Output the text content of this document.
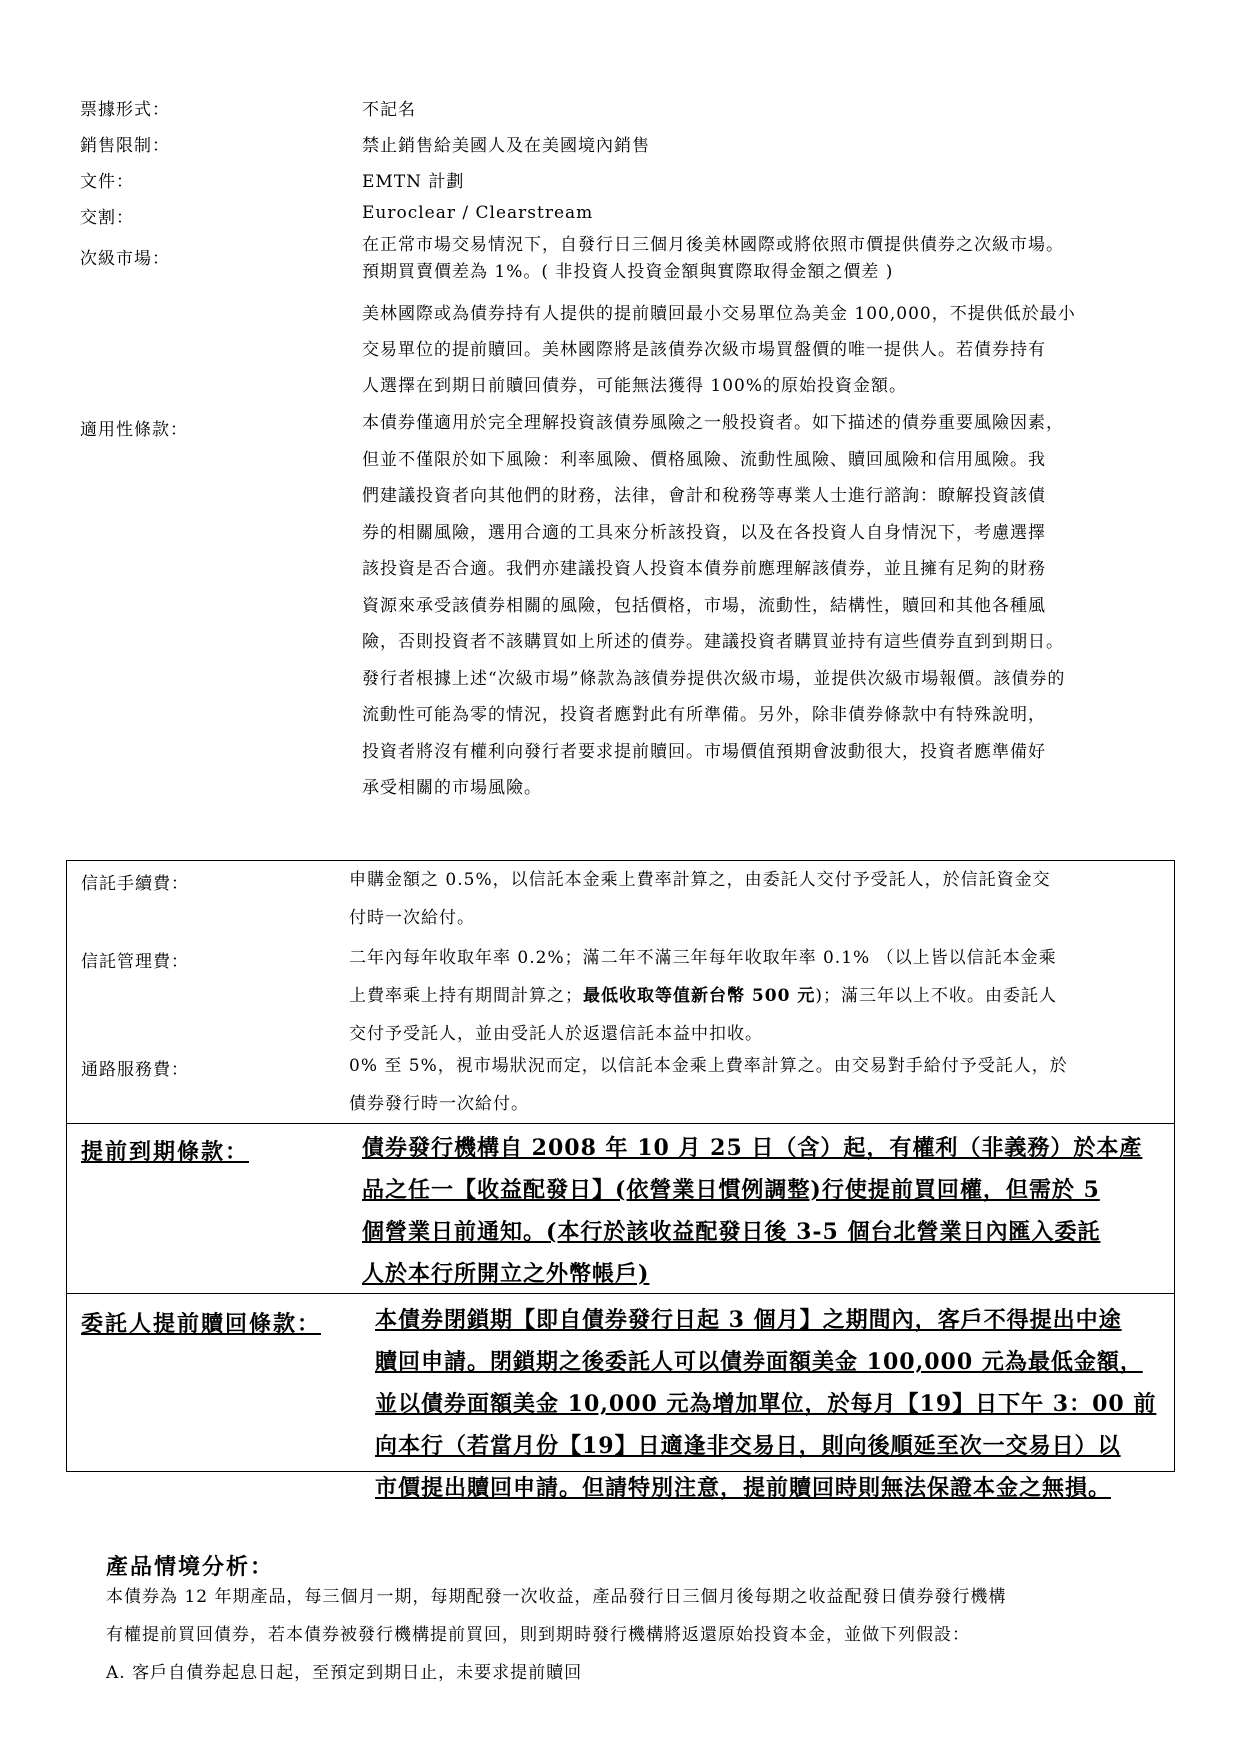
票據形式：	不記名
銷售限制：	禁止銷售給美國人及在美國境內銷售
文件：	EMTN 計劃
交割：	Euroclear / Clearstream
次級市場：
在正常市場交易情況下，自發行日三個月後美林國際或將依照市價提供債券之次級市場。
預期買賣價差為 1%。( 非投資人投資金額與實際取得金額之價差 )
美林國際或為債券持有人提供的提前贖回最小交易單位為美金 100,000，不提供低於最小
交易單位的提前贖回。美林國際將是該債券次級市場買盤價的唯一提供人。若債券持有
人選擇在到期日前贖回債券，可能無法獲得 100%的原始投資金額。
適用性條款：	本債券僅適用於完全理解投資該債券風險之一般投資者。如下描述的債券重要風險因素，
但並不僅限於如下風險：利率風險、價格風險、流動性風險、贖回風險和信用風險。我
們建議投資者向其他們的財務，法律，會計和稅務等專業人士進行諮詢：瞭解投資該債
券的相關風險，選用合適的工具來分析該投資，以及在各投資人自身情況下，考慮選擇
該投資是否合適。我們亦建議投資人投資本債券前應理解該債券，並且擁有足夠的財務
資源來承受該債券相關的風險，包括價格，市場，流動性，結構性，贖回和其他各種風
險，否則投資者不該購買如上所述的債券。建議投資者購買並持有這些債券直到到期日。
發行者根據上述“次級市場”條款為該債券提供次級市場，並提供次級市場報價。該債券的
流動性可能為零的情況，投資者應對此有所準備。另外，除非債券條款中有特殊說明，
投資者將沒有權利向發行者要求提前贖回。市場價值預期會波動很大，投資者應準備好
承受相關的市場風險。
信託手續費：	申購金額之 0.5%，以信託本金乘上費率計算之，由委託人交付予受託人，於信託資金交
付時一次給付。
信託管理費：	二年內每年收取年率 0.2%；滿二年不滿三年每年收取年率 0.1% （以上皆以信託本金乘
上費率乘上持有期間計算之；最低收取等值新台幣 500 元)；滿三年以上不收。由委託人
交付予受託人，並由受託人於返還信託本益中扣收。
通路服務費：	0% 至 5%，視市場狀況而定，以信託本金乘上費率計算之。由交易對手給付予受託人，於
債券發行時一次給付。
提前到期條款：	債券發行機構自 2008 年 10 月 25 日（含）起，有權利（非義務）於本產
品之任一【收益配發日】(依營業日慣例調整)行使提前買回權，但需於 5
個營業日前通知。(本行於該收益配發日後 3-5 個台北營業日內匯入委託
人於本行所開立之外幣帳戶)
委託人提前贖回條款： 本債券閉鎖期【即自債券發行日起 3 個月】之期間內，客戶不得提出中途
贖回申請。閉鎖期之後委託人可以債券面額美金 100,000 元為最低金額，
並以債券面額美金 10,000 元為增加單位，於每月【19】日下午 3：00 前
向本行（若當月份【19】日適逢非交易日，則向後順延至次一交易日）以
市價提出贖回申請。但請特別注意，提前贖回時則無法保證本金之無損。
產品情境分析：
本債券為 12 年期產品，每三個月一期，每期配發一次收益，產品發行日三個月後每期之收益配發日債券發行機構
有權提前買回債券，若本債券被發行機構提前買回，則到期時發行機構將返還原始投資本金，並做下列假設：
A. 客戶自債券起息日起，至預定到期日止，未要求提前贖回
